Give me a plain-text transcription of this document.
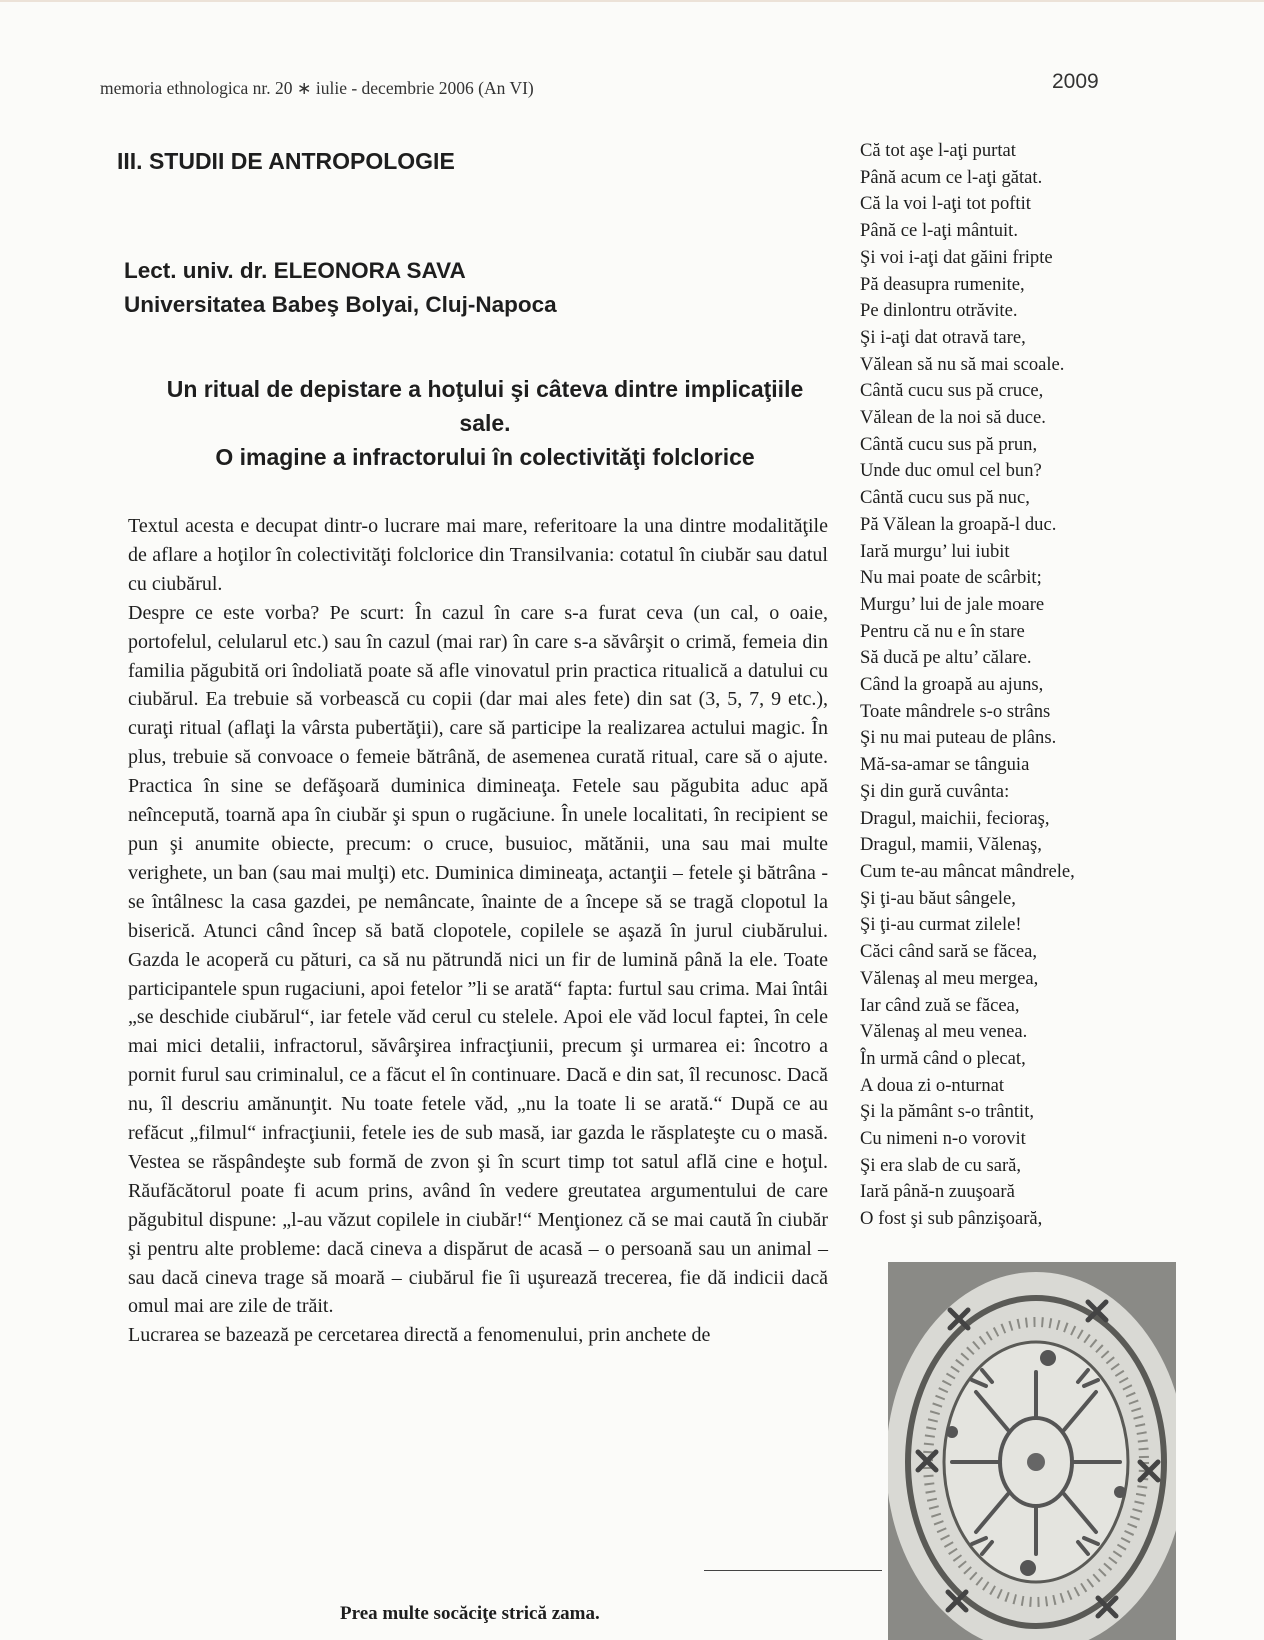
memoria ethnologica nr. 20 ∗ iulie - decembrie 2006 (An VI)	2009
III. STUDII DE ANTROPOLOGIE
Lect. univ. dr. ELEONORA SAVA
Universitatea Babeş Bolyai, Cluj-Napoca
Un ritual de depistare a hoţului şi câteva dintre implicaţiile sale.
O imagine a infractorului în colectivităţi folclorice

Textul acesta e decupat dintr-o lucrare mai mare, referitoare la una dintre modalităţile de aflare a hoţilor în colectivităţi folclorice din Transilvania: cotatul în ciubăr sau datul cu ciubărul.

Despre ce este vorba? Pe scurt: În cazul în care s-a furat ceva (un cal, o oaie, portofelul, celularul etc.) sau în cazul (mai rar) în care s-a săvârşit o crimă, femeia din familia păgubită ori îndoliată poate să afle vinovatul prin practica ritualică a datului cu ciubărul. Ea trebuie să vorbească cu copii (dar mai ales fete) din sat (3, 5, 7, 9 etc.), curaţi ritual (aflaţi la vârsta pubertăţii), care să participe la realizarea actului magic. În plus, trebuie să convoace o femeie bătrână, de asemenea curată ritual, care să o ajute. Practica în sine se defăşoară duminica dimineaţa. Fetele sau păgubita aduc apă neîncepută, toarnă apa în ciubăr şi spun o rugăciune. În unele localitati, în recipient se pun şi anumite obiecte, precum: o cruce, busuioc, mătănii, una sau mai multe verighete, un ban (sau mai mulţi) etc. Duminica dimineaţa, actanţii – fetele şi bătrâna - se întâlnesc la casa gazdei, pe nemâncate, înainte de a începe să se tragă clopotul la biserică. Atunci când încep să bată clopotele, copilele se aşază în jurul ciubărului. Gazda le acoperă cu pături, ca să nu pătrundă nici un fir de lumină până la ele. Toate participantele spun rugaciuni, apoi fetelor ”li se arată“ fapta: furtul sau crima. Mai întâi „se deschide ciubărul“, iar fetele văd cerul cu stelele. Apoi ele văd locul faptei, în cele mai mici detalii, infractorul, săvârşirea infracţiunii, precum şi urmarea ei: încotro a pornit furul sau criminalul, ce a făcut el în continuare. Dacă e din sat, îl recunosc. Dacă nu, îl descriu amănunţit. Nu toate fetele văd, „nu la toate li se arată.“ După ce au refăcut „filmul“ infracţiunii, fetele ies de sub masă, iar gazda le răsplateşte cu o masă. Vestea se răspândeşte sub formă de zvon şi în scurt timp tot satul află cine e hoţul. Răufăcătorul poate fi acum prins, având în vedere greutatea argumentului de care păgubitul dispune: „l-au văzut copilele in ciubăr!“ Menţionez că se mai caută în ciubăr şi pentru alte probleme: dacă cineva a dispărut de acasă – o persoană sau un animal – sau dacă cineva trage să moară – ciubărul fie îi uşurează trecerea, fie dă indicii dacă omul mai are zile de trăit.

Lucrarea se bazează pe cercetarea directă a fenomenului, prin anchete de

Că tot aşe l-aţi purtat
Până acum ce l-aţi gătat.
Că la voi l-aţi tot poftit
Până ce l-aţi mântuit.
Şi voi i-aţi dat găini fripte
Pă deasupra rumenite,
Pe dinlontru otrăvite.
Şi i-aţi dat otravă tare,
Vălean să nu să mai scoale.
Cântă cucu sus pă cruce,
Vălean de la noi să duce.
Cântă cucu sus pă prun,
Unde duc omul cel bun?
Cântă cucu sus pă nuc,
Pă Vălean la groapă-l duc.
Iară murgu’ lui iubit
Nu mai poate de scârbit;
Murgu’ lui de jale moare
Pentru că nu e în stare
Să ducă pe altu’ călare.
Când la groapă au ajuns,
Toate mândrele s-o strâns
Şi nu mai puteau de plâns.
Mă-sa-amar se tânguia
Şi din gură cuvânta:
Dragul, maichii, fecioraş,
Dragul, mamii, Vălenaş,
Cum te-au mâncat mândrele,
Şi ţi-au băut sângele,
Şi ţi-au curmat zilele!
Căci când sară se făcea,
Vălenaş al meu mergea,
Iar când zuă se făcea,
Vălenaş al meu venea.
În urmă când o plecat,
A doua zi o-nturnat
Şi la pământ s-o trântit,
Cu nimeni n-o vorovit
Şi era slab de cu sară,
Iară până-n zuuşoară
O fost şi sub pânzişoară,
Prea multe socăciţe strică zama.
